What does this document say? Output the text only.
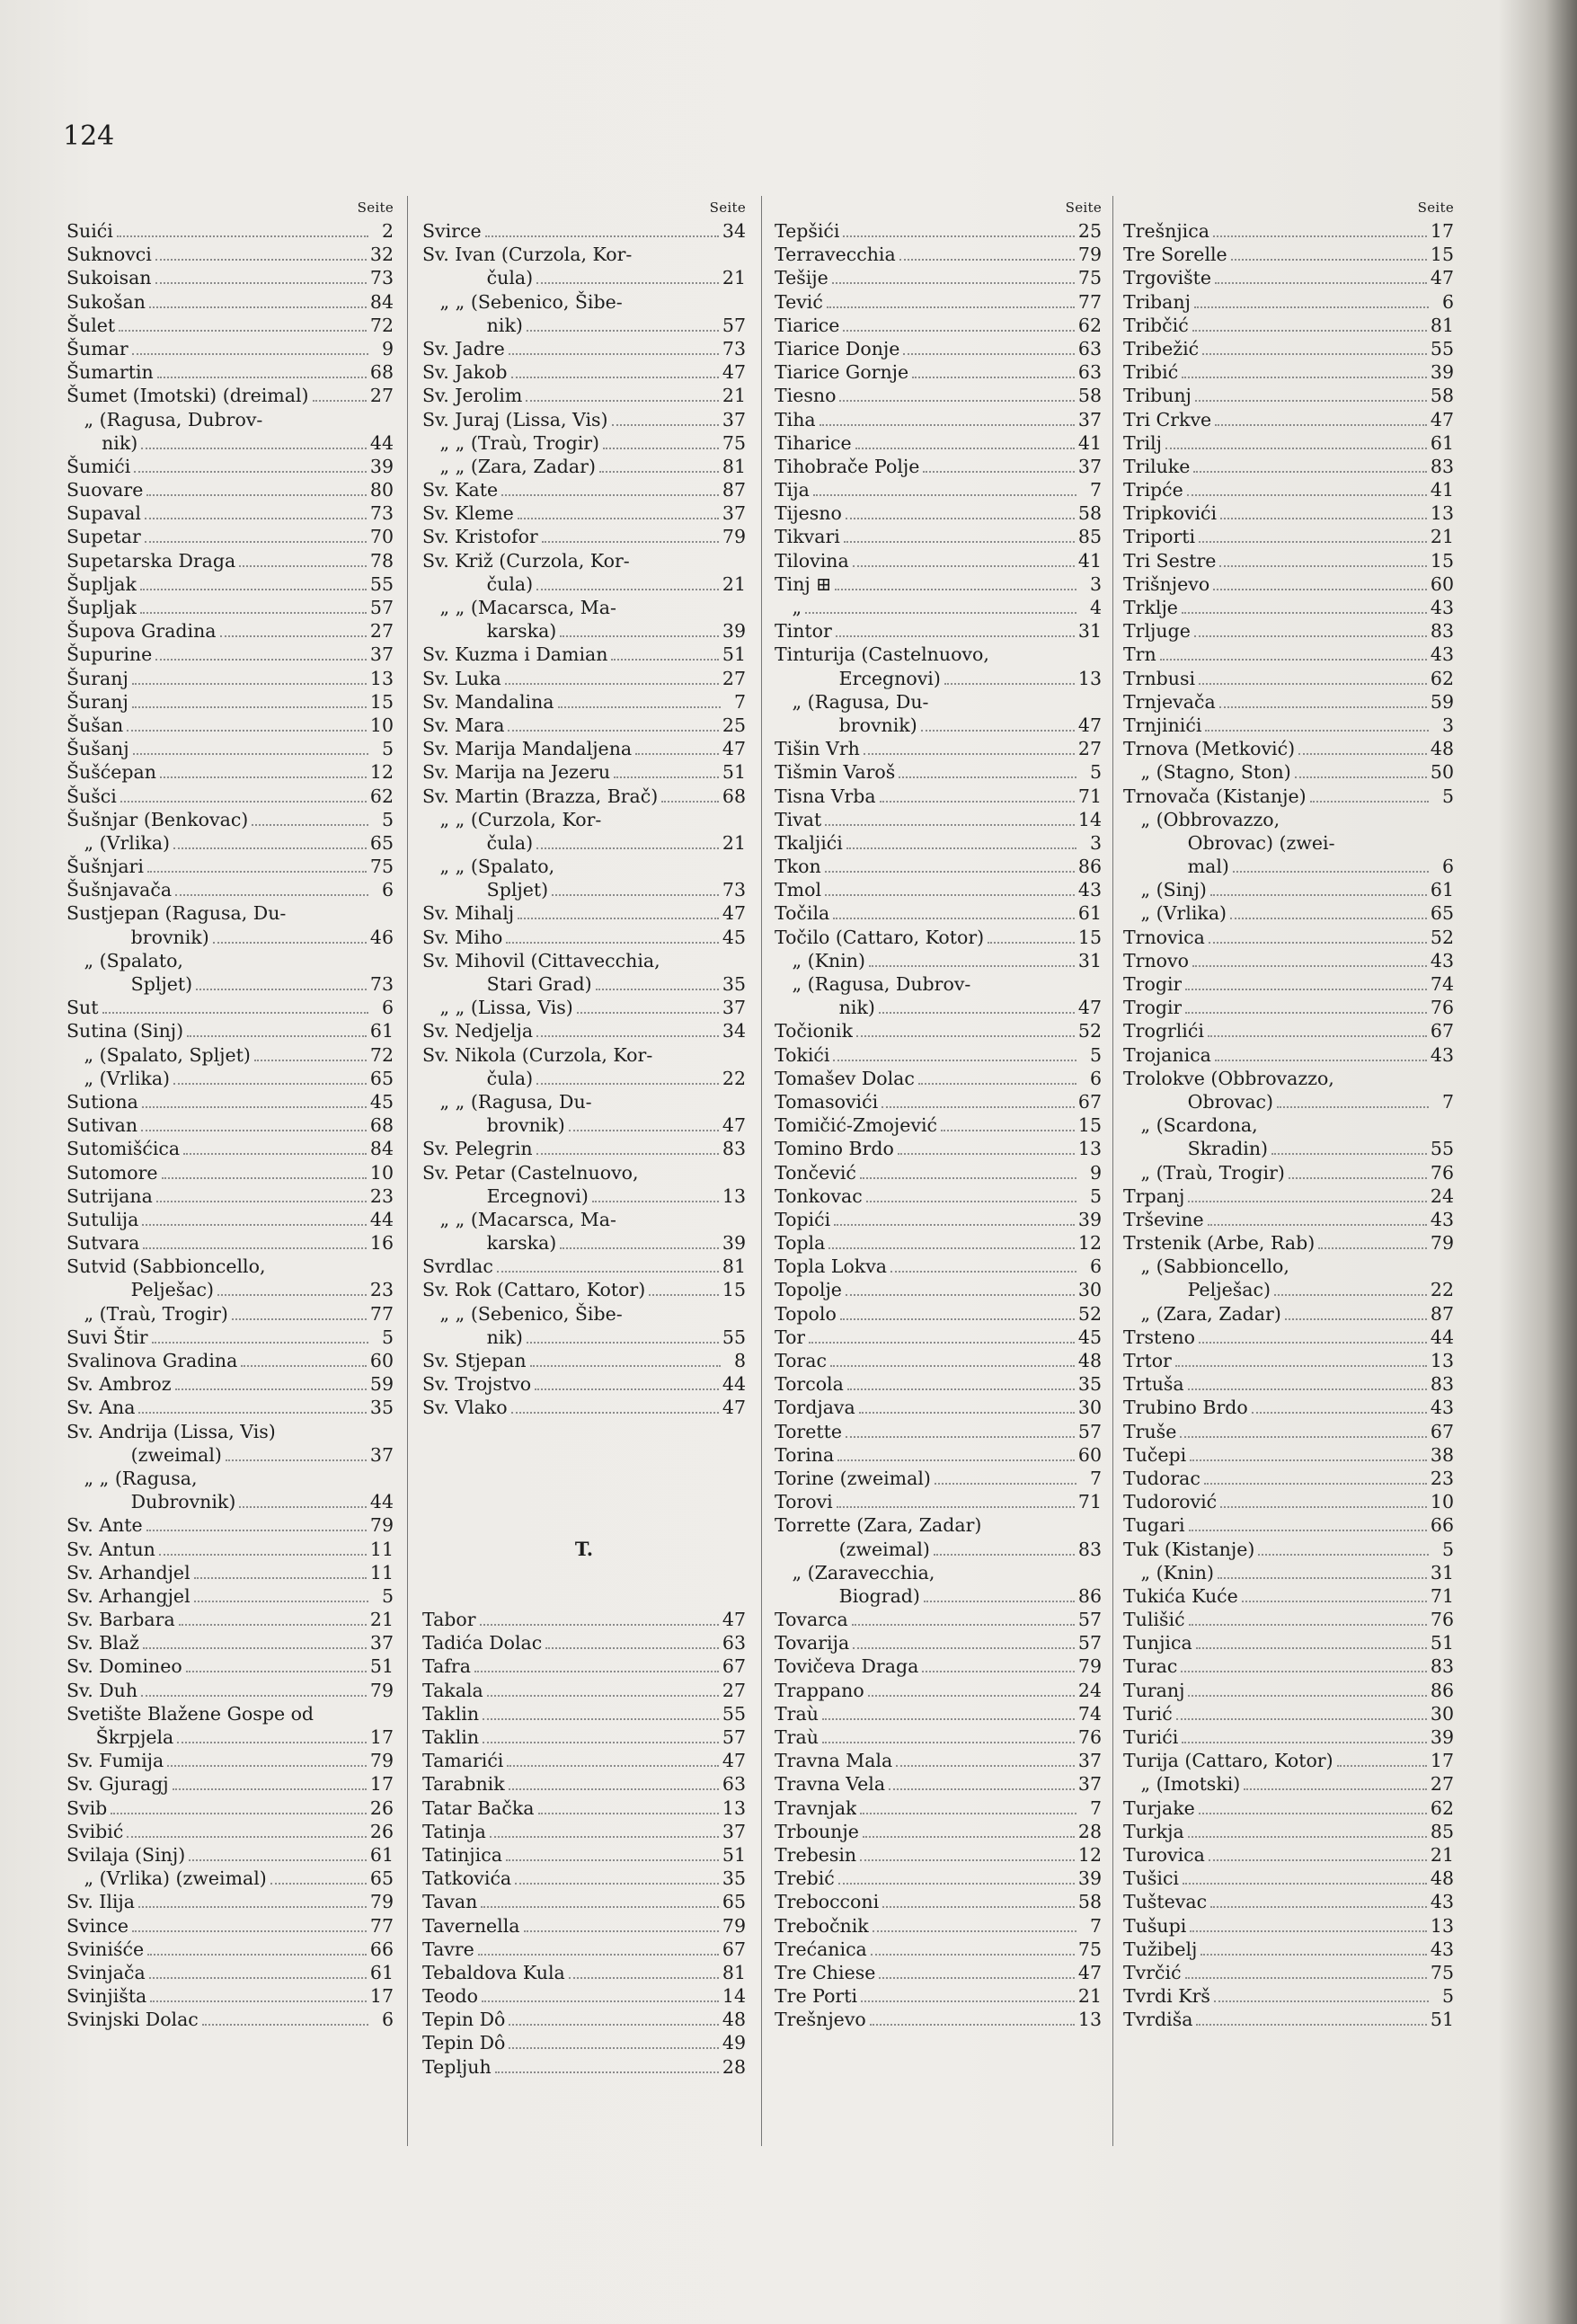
124
Seite
Suići	2
Suknovci	32
Sukoisan	73
Sukošan	84
Šulet	72
Šumar	9
Šumartin	68
Šumet (Imotski) (dreimal)	27
„ (Ragusa, Dubrov-
nik)	44
Šumići	39
Suovare	80
Supaval	73
Supetar	70
Supetarska Draga	78
Šupljak	55
Šupljak	57
Šupova Gradina	27
Šupurine	37
Šuranj	13
Šuranj	15
Šušan	10
Šušanj	5
Šušćepan	12
Šušci	62
Šušnjar (Benkovac)	5
„ (Vrlika)	65
Šušnjari	75
Šušnjavača	6
Sustjepan (Ragusa, Du-
brovnik)	46
„ (Spalato,
Spljet)	73
Sut	6
Sutina (Sinj)	61
„ (Spalato, Spljet)	72
„ (Vrlika)	65
Sutiona	45
Sutivan	68
Sutomišćica	84
Sutomore	10
Sutrijana	23
Sutulija	44
Sutvara	16
Sutvid (Sabbioncello,
Pelješac)	23
„ (Traù, Trogir)	77
Suvi Štir	5
Svalinova Gradina	60
Sv. Ambroz	59
Sv. Ana	35
Sv. Andrija (Lissa, Vis)
(zweimal)	37
„ „ (Ragusa,
Dubrovnik)	44
Sv. Ante	79
Sv. Antun	11
Sv. Arhandjel	11
Sv. Arhangjel	5
Sv. Barbara	21
Sv. Blaž	37
Sv. Domineo	51
Sv. Duh	79
Svetište Blažene Gospe od
Škrpjela	17
Sv. Fumija	79
Sv. Gjuragj	17
Svib	26
Svibić	26
Svilaja (Sinj)	61
„ (Vrlika) (zweimal)	65
Sv. Ilija	79
Svince	77
Sviniśće	66
Svinjača	61
Svinjišta	17
Svinjski Dolac	6
Seite
Svirce	34
Sv. Ivan (Curzola, Kor-
čula)	21
„ „ (Sebenico, Šibe-
nik)	57
Sv. Jadre	73
Sv. Jakob	47
Sv. Jerolim	21
Sv. Juraj (Lissa, Vis)	37
„ „ (Traù, Trogir)	75
„ „ (Zara, Zadar)	81
Sv. Kate	87
Sv. Kleme	37
Sv. Kristofor	79
Sv. Križ (Curzola, Kor-
čula)	21
„ „ (Macarsca, Ma-
karska)	39
Sv. Kuzma i Damian	51
Sv. Luka	27
Sv. Mandalina	7
Sv. Mara	25
Sv. Marija Mandaljena	47
Sv. Marija na Jezeru	51
Sv. Martin (Brazza, Brač)	68
„ „ (Curzola, Kor-
čula)	21
„ „ (Spalato,
Spljet)	73
Sv. Mihalj	47
Sv. Miho	45
Sv. Mihovil (Cittavecchia,
Stari Grad)	35
„ „ (Lissa, Vis)	37
Sv. Nedjelja	34
Sv. Nikola (Curzola, Kor-
čula)	22
„ „ (Ragusa, Du-
brovnik)	47
Sv. Pelegrin	83
Sv. Petar (Castelnuovo,
Ercegnovi)	13
„ „ (Macarsca, Ma-
karska)	39
Svrdlac	81
Sv. Rok (Cattaro, Kotor)	15
„ „ (Sebenico, Šibe-
nik)	55
Sv. Stjepan	8
Sv. Trojstvo	44
Sv. Vlako	47
T.
Tabor	47
Tadića Dolac	63
Tafra	67
Takala	27
Taklin	55
Taklin	57
Tamarići	47
Tarabnik	63
Tatar Bačka	13
Tatinja	37
Tatinjica	51
Tatkovića	35
Tavan	65
Tavernella	79
Tavre	67
Tebaldova Kula	81
Teodo	14
Tepin Dô	48
Tepin Dô	49
Tepljuh	28
Seite
Tepšići	25
Terravecchia	79
Tešije	75
Tević	77
Tiarice	62
Tiarice Donje	63
Tiarice Gornje	63
Tiesno	58
Tiha	37
Tiharice	41
Tihobrače Polje	37
Tija	7
Tijesno	58
Tikvari	85
Tilovina	41
Tinj ⊞	3
„	4
Tintor	31
Tinturija (Castelnuovo,
Ercegnovi)	13
„ (Ragusa, Du-
brovnik)	47
Tišin Vrh	27
Tišmin Varoš	5
Tisna Vrba	71
Tivat	14
Tkaljići	3
Tkon	86
Tmol	43
Točila	61
Točilo (Cattaro, Kotor)	15
„ (Knin)	31
„ (Ragusa, Dubrov-
nik)	47
Točionik	52
Tokići	5
Tomašev Dolac	6
Tomasovići	67
Tomičić-Zmojević	15
Tomino Brdo	13
Tončević	9
Tonkovac	5
Topići	39
Topla	12
Topla Lokva	6
Topolje	30
Topolo	52
Tor	45
Torac	48
Torcola	35
Tordjava	30
Torette	57
Torina	60
Torine (zweimal)	7
Torovi	71
Torrette (Zara, Zadar)
(zweimal)	83
„ (Zaravecchia,
Biograd)	86
Tovarca	57
Tovarija	57
Tovičeva Draga	79
Trappano	24
Traù	74
Traù	76
Travna Mala	37
Travna Vela	37
Travnjak	7
Trbounje	28
Trebesin	12
Trebić	39
Trebocconi	58
Trebočnik	7
Trećanica	75
Tre Chiese	47
Tre Porti	21
Trešnjevo	13
Seite
Trešnjica	17
Tre Sorelle	15
Trgovište	47
Tribanj	6
Tribčić	81
Tribežić	55
Tribić	39
Tribunj	58
Tri Crkve	47
Trilj	61
Triluke	83
Tripće	41
Tripkovići	13
Triporti	21
Tri Sestre	15
Trišnjevo	60
Trklje	43
Trljuge	83
Trn	43
Trnbusi	62
Trnjevača	59
Trnjinići	3
Trnova (Metković)	48
„ (Stagno, Ston)	50
Trnovača (Kistanje)	5
„ (Obbrovazzo,
Obrovac) (zwei-
mal)	6
„ (Sinj)	61
„ (Vrlika)	65
Trnovica	52
Trnovo	43
Trogir	74
Trogir	76
Trogrlići	67
Trojanica	43
Trolokve (Obbrovazzo,
Obrovac)	7
„ (Scardona,
Skradin)	55
„ (Traù, Trogir)	76
Trpanj	24
Trševine	43
Trstenik (Arbe, Rab)	79
„ (Sabbioncello,
Pelješac)	22
„ (Zara, Zadar)	87
Trsteno	44
Trtor	13
Trtuša	83
Trubino Brdo	43
Truše	67
Tučepi	38
Tudorac	23
Tudorović	10
Tugari	66
Tuk (Kistanje)	5
„ (Knin)	31
Tukića Kuće	71
Tulišić	76
Tunjica	51
Turac	83
Turanj	86
Turić	30
Turići	39
Turija (Cattaro, Kotor)	17
„ (Imotski)	27
Turjake	62
Turkja	85
Turovica	21
Tušici	48
Tuštevac	43
Tušupi	13
Tužibelj	43
Tvrčić	75
Tvrdi Krš	5
Tvrdiša	51
